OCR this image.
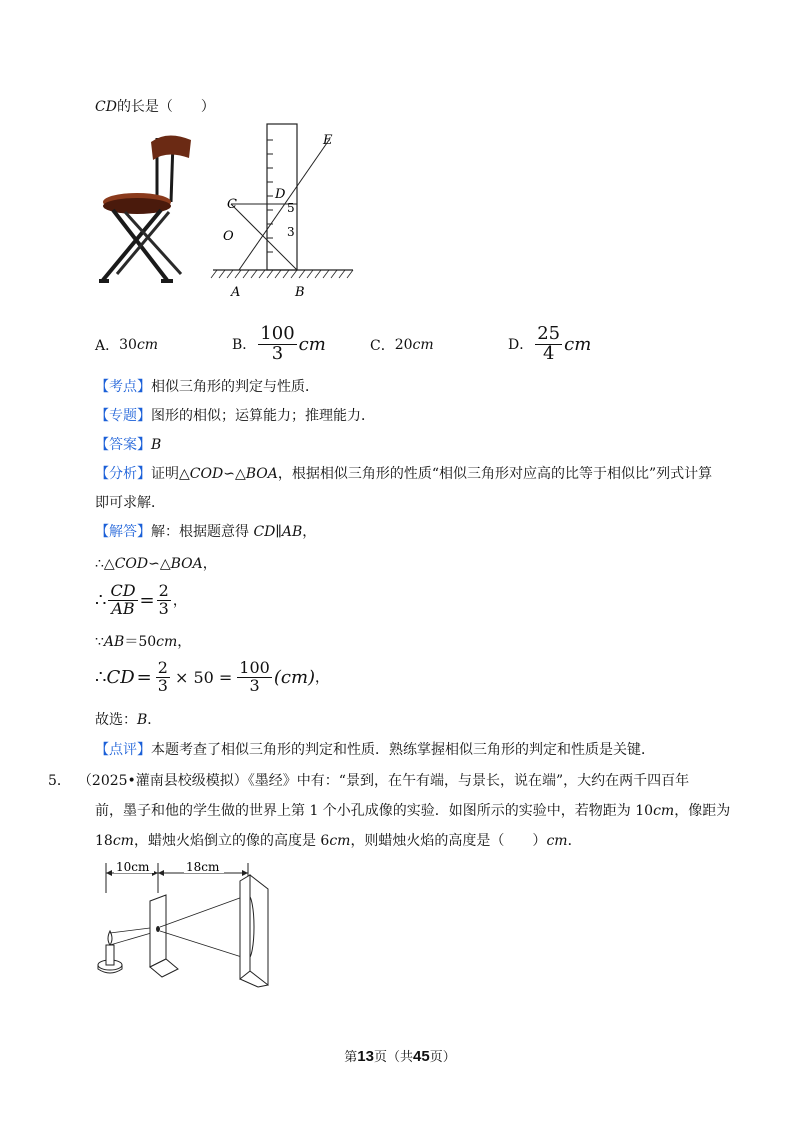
CD的长是（　　）
E
C
D
5
O	3
A	B
A． 30 cm	B． $\frac{100}{3}$ cm	C． 20 cm	D． $\frac{25}{4}$ cm
【考点】相似三角形的判定与性质．
【专题】图形的相似；运算能力；推理能力．
【答案】B
【分析】证明△COD∽△BOA，根据相似三角形的性质“相似三角形对应高的比等于相似比”列式计算
即可求解．
【解答】解：根据题意得 CD∥AB，
∴△COD∽△BOA，
∴ $\frac{CD}{AB} = \frac{2}{3}$ ，
∵AB＝50cm，
∴ CD = $\frac{2}{3} \times 50 = \frac{100}{3} (cm)$ ，
故选：B．
【点评】本题考查了相似三角形的判定和性质．熟练掌握相似三角形的判定和性质是关键．
5． （2025•灌南县校级模拟）《墨经》中有：“景到，在午有端，与景长，说在端”，大约在两千四百年
前，墨子和他的学生做的世界上第 1 个小孔成像的实验．如图所示的实验中，若物距为 10cm，像距为
18cm，蜡烛火焰倒立的像的高度是 6cm，则蜡烛火焰的高度是（　　）cm．
10cm	18cm
第13页（共45页）
